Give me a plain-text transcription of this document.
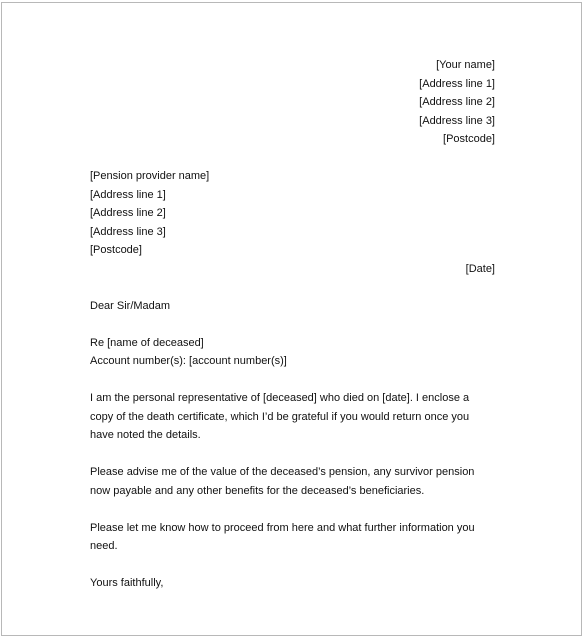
[Your name]
[Address line 1]
[Address line 2]
[Address line 3]
[Postcode]
[Pension provider name]
[Address line 1]
[Address line 2]
[Address line 3]
[Postcode]
[Date]
Dear Sir/Madam
Re [name of deceased]
Account number(s): [account number(s)]
I am the personal representative of [deceased] who died on [date]. I enclose a copy of the death certificate, which I’d be grateful if you would return once you have noted the details.
Please advise me of the value of the deceased’s pension, any survivor pension now payable and any other benefits for the deceased’s beneficiaries.
Please let me know how to proceed from here and what further information you need.
Yours faithfully,
